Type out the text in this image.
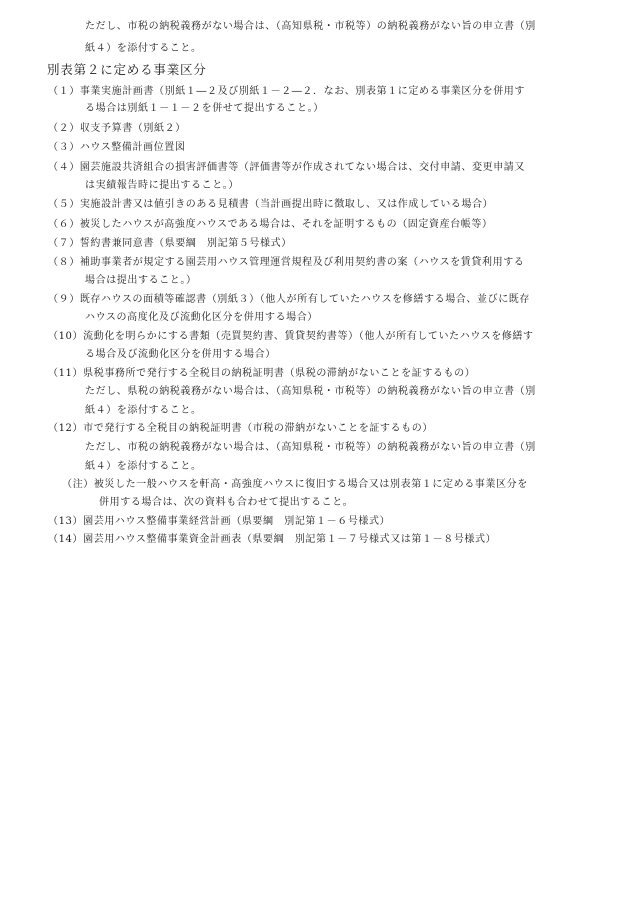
ただし、市税の納税義務がない場合は、（高知県税・市税等）の納税義務がない旨の申立書（別
紙４）を添付すること。
別表第２に定める事業区分
（１）事業実施計画書（別紙１―２及び別紙１－２―２．なお、別表第１に定める事業区分を併用す
る場合は別紙１－１－２を併せて提出すること。）
（２）収支予算書（別紙２）
（３）ハウス整備計画位置図
（４）園芸施設共済組合の損害評価書等（評価書等が作成されてない場合は、交付申請、変更申請又
は実績報告時に提出すること。）
（５）実施設計書又は値引きのある見積書（当計画提出時に徴取し、又は作成している場合）
（６）被災したハウスが高強度ハウスである場合は、それを証明するもの（固定資産台帳等）
（７）誓約書兼同意書（県要綱　別記第５号様式）
（８）補助事業者が規定する園芸用ハウス管理運営規程及び利用契約書の案（ハウスを賃貸利用する
場合は提出すること。）
（９）既存ハウスの面積等確認書（別紙３）（他人が所有していたハウスを修繕する場合、並びに既存
ハウスの高度化及び流動化区分を併用する場合）
（10）流動化を明らかにする書類（売買契約書、賃貸契約書等）（他人が所有していたハウスを修繕す
る場合及び流動化区分を併用する場合）
（11）県税事務所で発行する全税目の納税証明書（県税の滞納がないことを証するもの）
ただし、県税の納税義務がない場合は、（高知県税・市税等）の納税義務がない旨の申立書（別
紙４）を添付すること。
（12）市で発行する全税目の納税証明書（市税の滞納がないことを証するもの）
ただし、市税の納税義務がない場合は、（高知県税・市税等）の納税義務がない旨の申立書（別
紙４）を添付すること。
（注）被災した一般ハウスを軒高・高強度ハウスに復旧する場合又は別表第１に定める事業区分を
併用する場合は、次の資料も合わせて提出すること。
（13）園芸用ハウス整備事業経営計画（県要綱　別記第１－６号様式）
（14）園芸用ハウス整備事業資金計画表（県要綱　別記第１－７号様式又は第１－８号様式）
